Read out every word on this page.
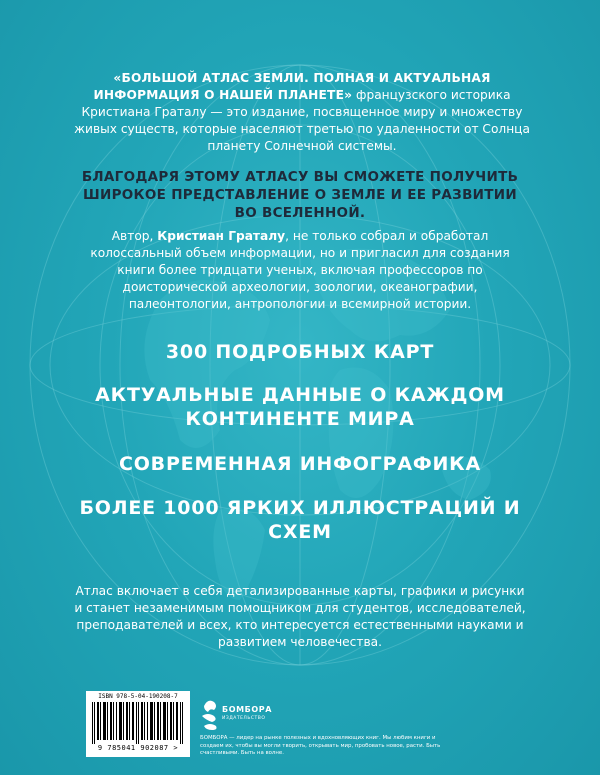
«БОЛЬШОЙ АТЛАС ЗЕМЛИ. ПОЛНАЯ И АКТУАЛЬНАЯ ИНФОРМАЦИЯ О НАШЕЙ ПЛАНЕТЕ» французского историка Кристиана Граталу — это издание, посвященное миру и множеству живых существ, которые населяют третью по удаленности от Солнца планету Солнечной системы.
БЛАГОДАРЯ ЭТОМУ АТЛАСУ ВЫ СМОЖЕТЕ ПОЛУЧИТЬ ШИРОКОЕ ПРЕДСТАВЛЕНИЕ О ЗЕМЛЕ И ЕЕ РАЗВИТИИ ВО ВСЕЛЕННОЙ.
Автор, Кристиан Граталу, не только собрал и обработал колоссальный объем информации, но и пригласил для создания книги более тридцати ученых, включая профессоров по доисторической археологии, зоологии, океанографии, палеонтологии, антропологии и всемирной истории.
300 ПОДРОБНЫХ КАРТ
АКТУАЛЬНЫЕ ДАННЫЕ О КАЖДОМ КОНТИНЕНТЕ МИРА
СОВРЕМЕННАЯ ИНФОГРАФИКА
БОЛЕЕ 1000 ЯРКИХ ИЛЛЮСТРАЦИЙ И СХЕМ
Атлас включает в себя детализированные карты, графики и рисунки и станет незаменимым помощником для студентов, исследователей, преподавателей и всех, кто интересуется естественными науками и развитием человечества.
ISBN 978-5-04-190208-7
9 785041 902087 >
БОМБОРА
ИЗДАТЕЛЬСТВО
БОМБОРА — лидер на рынке полезных и вдохновляющих книг. Мы любим книги и создаем их, чтобы вы могли творить, открывать мир, пробовать новое, расти. Быть счастливыми. Быть на волне.
